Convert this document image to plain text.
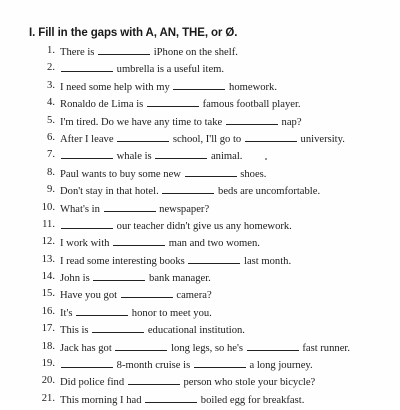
I. Fill in the gaps with A, AN, THE, or Ø.
1. There is	iPhone on the shelf.
2.	umbrella is a useful item.
3. I need some help with my	homework.
4. Ronaldo de Lima is	famous football player.
5. I'm tired. Do we have any time to take	nap?
6. After I leave	school, I'll go to	university.
7.	whale is	animal.
8. Paul wants to buy some new	shoes.
9. Don't stay in that hotel.	beds are uncomfortable.
10. What's in	newspaper?
11.	our teacher didn't give us any homework.
12. I work with	man and two women.
13. I read some interesting books	last month.
14. John is	bank manager.
15. Have you got	camera?
16. It's	honor to meet you.
17. This is	educational institution.
18. Jack has got	long legs, so he's	fast runner.
19.	8-month cruise is	a long journey.
20. Did police find	person who stole your bicycle?
21. This morning I had	boiled egg for breakfast.
